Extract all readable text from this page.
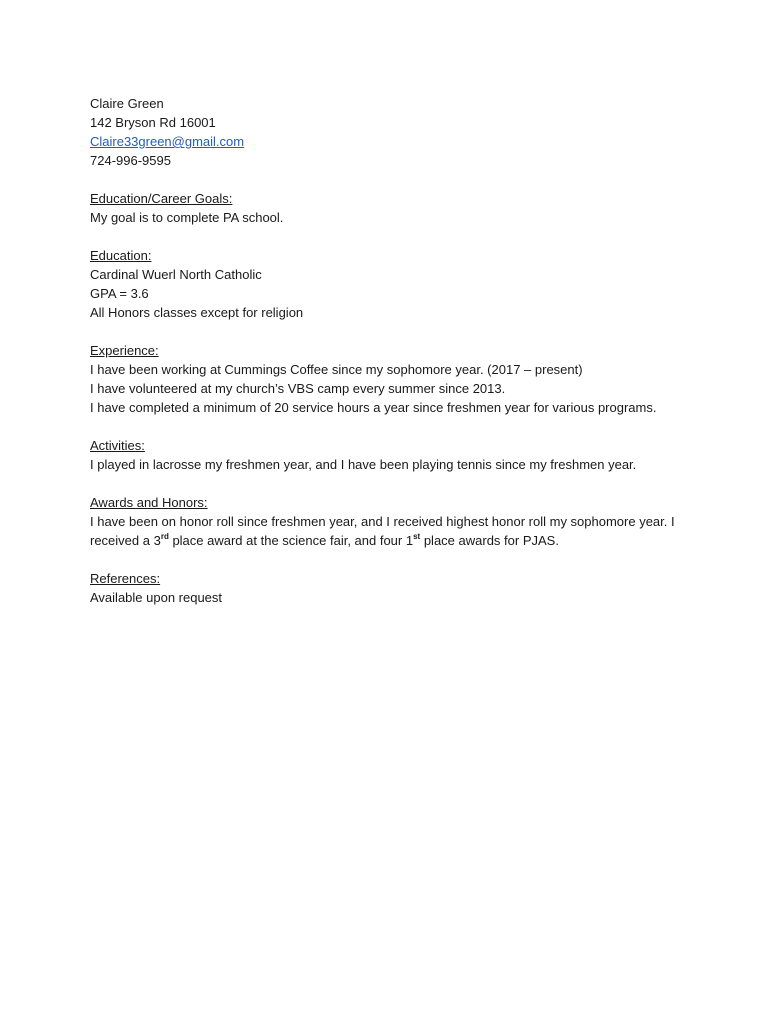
Claire Green
142 Bryson Rd 16001
Claire33green@gmail.com
724-996-9595
Education/Career Goals:
My goal is to complete PA school.
Education:
Cardinal Wuerl North Catholic
GPA = 3.6
All Honors classes except for religion
Experience:
I have been working at Cummings Coffee since my sophomore year. (2017 – present)
I have volunteered at my church’s VBS camp every summer since 2013.
I have completed a minimum of 20 service hours a year since freshmen year for various programs.
Activities:
I played in lacrosse my freshmen year, and I have been playing tennis since my freshmen year.
Awards and Honors:
I have been on honor roll since freshmen year, and I received highest honor roll my sophomore year. I received a 3rd place award at the science fair, and four 1st place awards for PJAS.
References:
Available upon request
